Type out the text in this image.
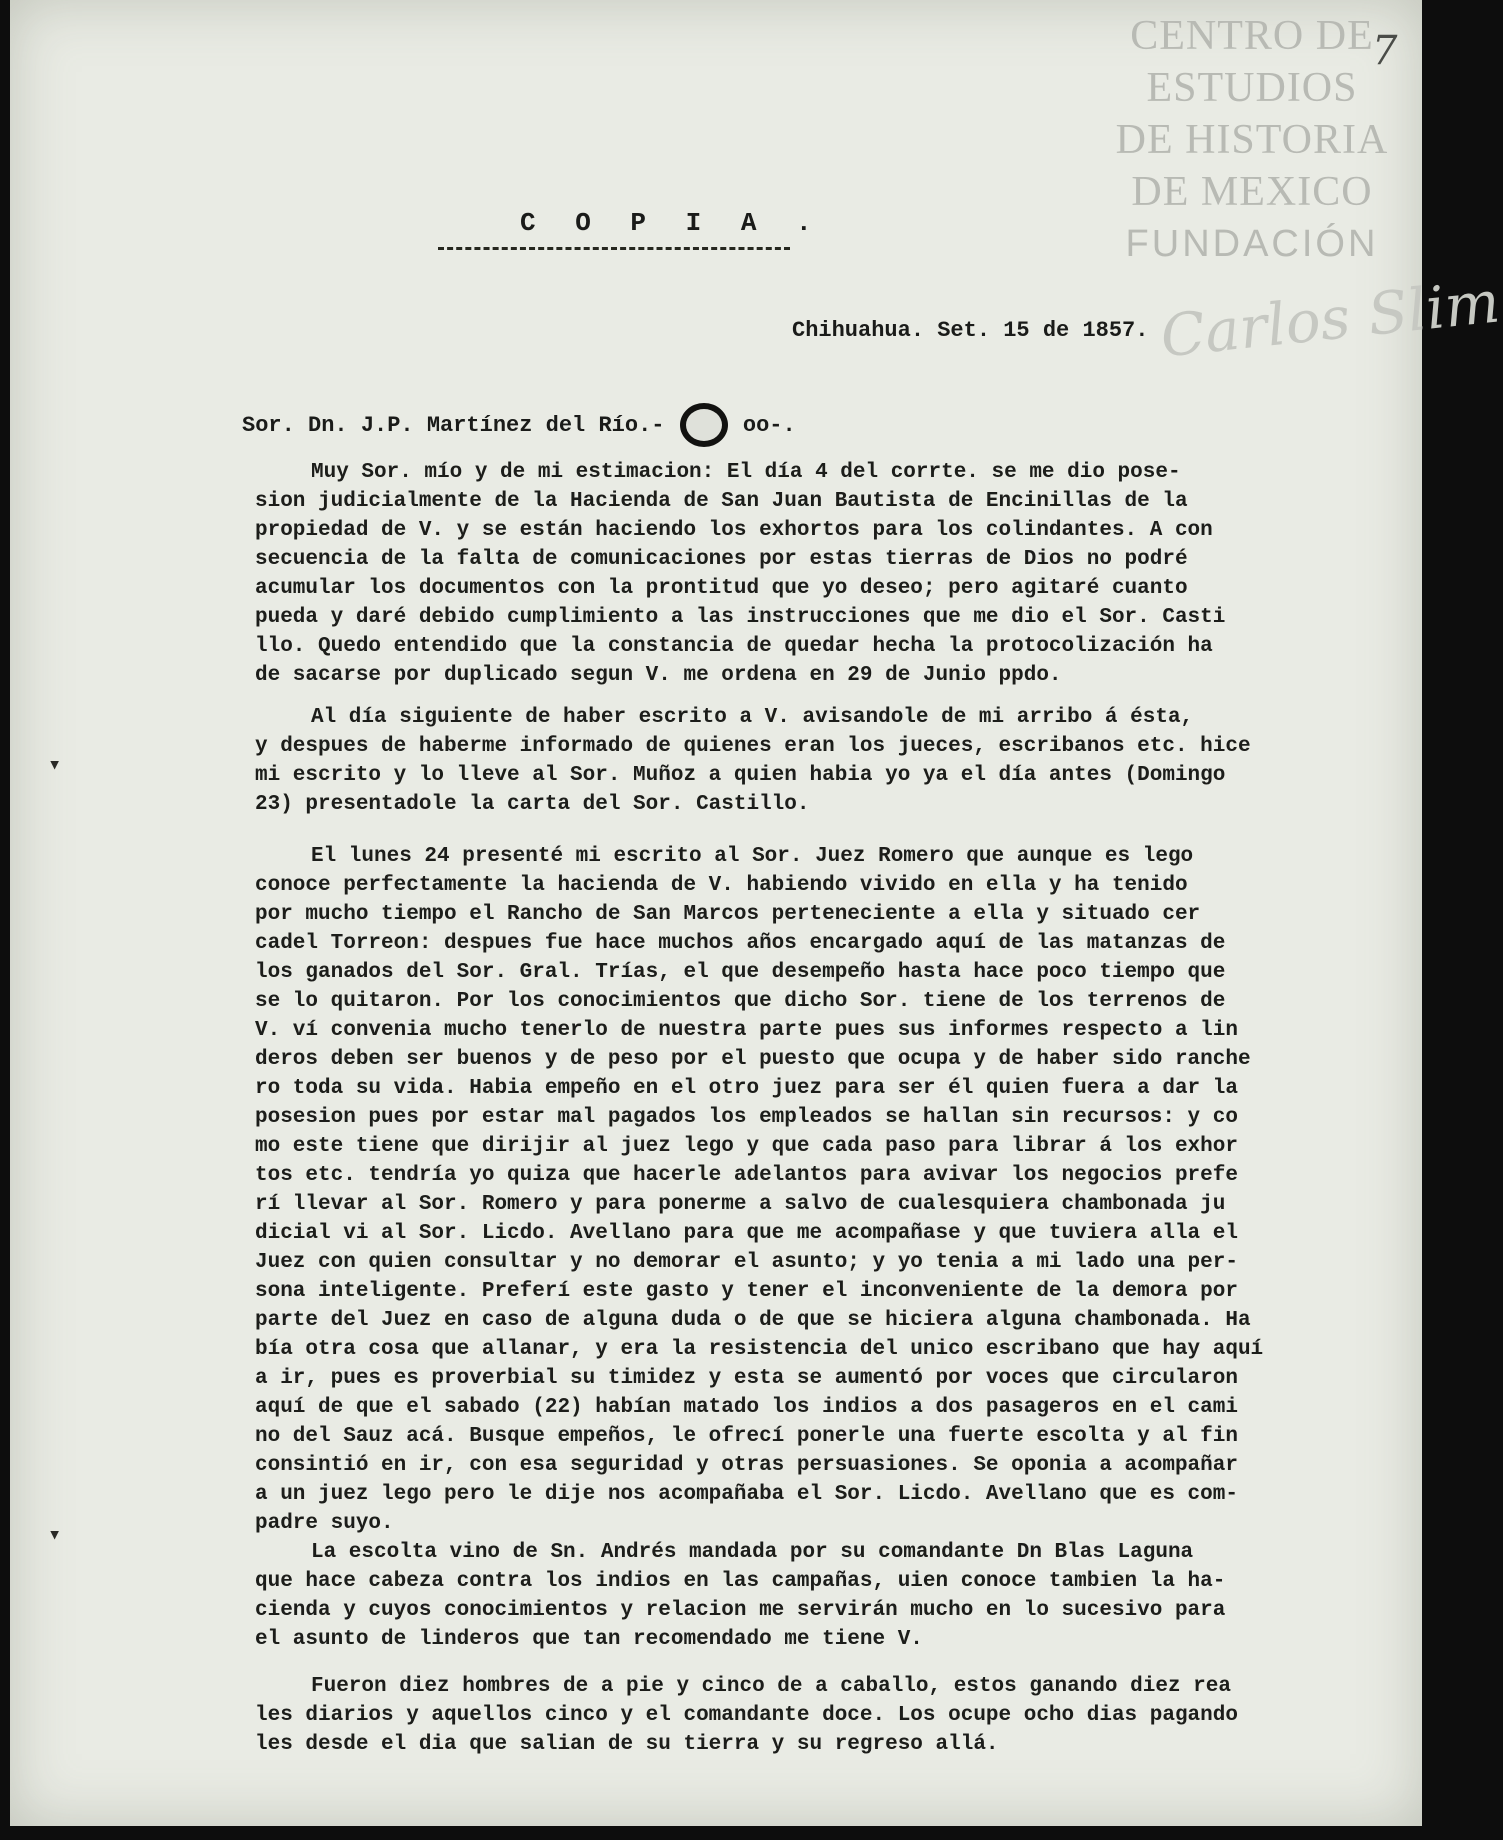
CENTRO DE
ESTUDIOS
DE HISTORIA
DE MEXICO
FUNDACIÓN
Carlos Slim
7
C O P I A .
Chihuahua. Set. 15 de 1857.
Sor. Dn. J.P. Martínez del Río.-	oo-.
Muy Sor. mío y de mi estimacion: El día 4 del corrte. se me dio pose-
sion judicialmente de la Hacienda de San Juan Bautista de Encinillas de la
propiedad de V. y se están haciendo los exhortos para los colindantes. A con
secuencia de la falta de comunicaciones por estas tierras de Dios no podré
acumular los documentos con la prontitud que yo deseo; pero agitaré cuanto
pueda y daré debido cumplimiento a las instrucciones que me dio el Sor. Casti
llo. Quedo entendido que la constancia de quedar hecha la protocolización ha
de sacarse por duplicado segun V. me ordena en 29 de Junio ppdo.
Al día siguiente de haber escrito a V. avisandole de mi arribo á ésta,
y despues de haberme informado de quienes eran los jueces, escribanos etc. hice
mi escrito y lo lleve al Sor. Muñoz a quien habia yo ya el día antes (Domingo
23) presentadole la carta del Sor. Castillo.
El lunes 24 presenté mi escrito al Sor. Juez Romero que aunque es lego
conoce perfectamente la hacienda de V. habiendo vivido en ella y ha tenido
por mucho tiempo el Rancho de San Marcos perteneciente a ella y situado cer
cadel Torreon: despues fue hace muchos años encargado aquí de las matanzas de
los ganados del Sor. Gral. Trías, el que desempeño hasta hace poco tiempo que
se lo quitaron. Por los conocimientos que dicho Sor. tiene de los terrenos de
V. ví convenia mucho tenerlo de nuestra parte pues sus informes respecto a lin
deros deben ser buenos y de peso por el puesto que ocupa y de haber sido ranche
ro toda su vida. Habia empeño en el otro juez para ser él quien fuera a dar la
posesion pues por estar mal pagados los empleados se hallan sin recursos: y co
mo este tiene que dirijir al juez lego y que cada paso para librar á los exhor
tos etc. tendría yo quiza que hacerle adelantos para avivar los negocios prefe
rí llevar al Sor. Romero y para ponerme a salvo de cualesquiera chambonada ju
dicial vi al Sor. Licdo. Avellano para que me acompañase y que tuviera alla el
Juez con quien consultar y no demorar el asunto; y yo tenia a mi lado una per-
sona inteligente. Preferí este gasto y tener el inconveniente de la demora por
parte del Juez en caso de alguna duda o de que se hiciera alguna chambonada. Ha
bía otra cosa que allanar, y era la resistencia del unico escribano que hay aquí
a ir, pues es proverbial su timidez y esta se aumentó por voces que circularon
aquí de que el sabado (22) habían matado los indios a dos pasageros en el cami
no del Sauz acá. Busque empeños, le ofrecí ponerle una fuerte escolta y al fin
consintió en ir, con esa seguridad y otras persuasiones. Se oponia a acompañar
a un juez lego pero le dije nos acompañaba el Sor. Licdo. Avellano que es com-
padre suyo.
La escolta vino de Sn. Andrés mandada por su comandante Dn Blas Laguna
que hace cabeza contra los indios en las campañas, uien conoce tambien la ha-
cienda y cuyos conocimientos y relacion me servirán mucho en lo sucesivo para
el asunto de linderos que tan recomendado me tiene V.
Fueron diez hombres de a pie y cinco de a caballo, estos ganando diez rea
les diarios y aquellos cinco y el comandante doce. Los ocupe ocho dias pagando
les desde el dia que salian de su tierra y su regreso allá.
▾
▾
